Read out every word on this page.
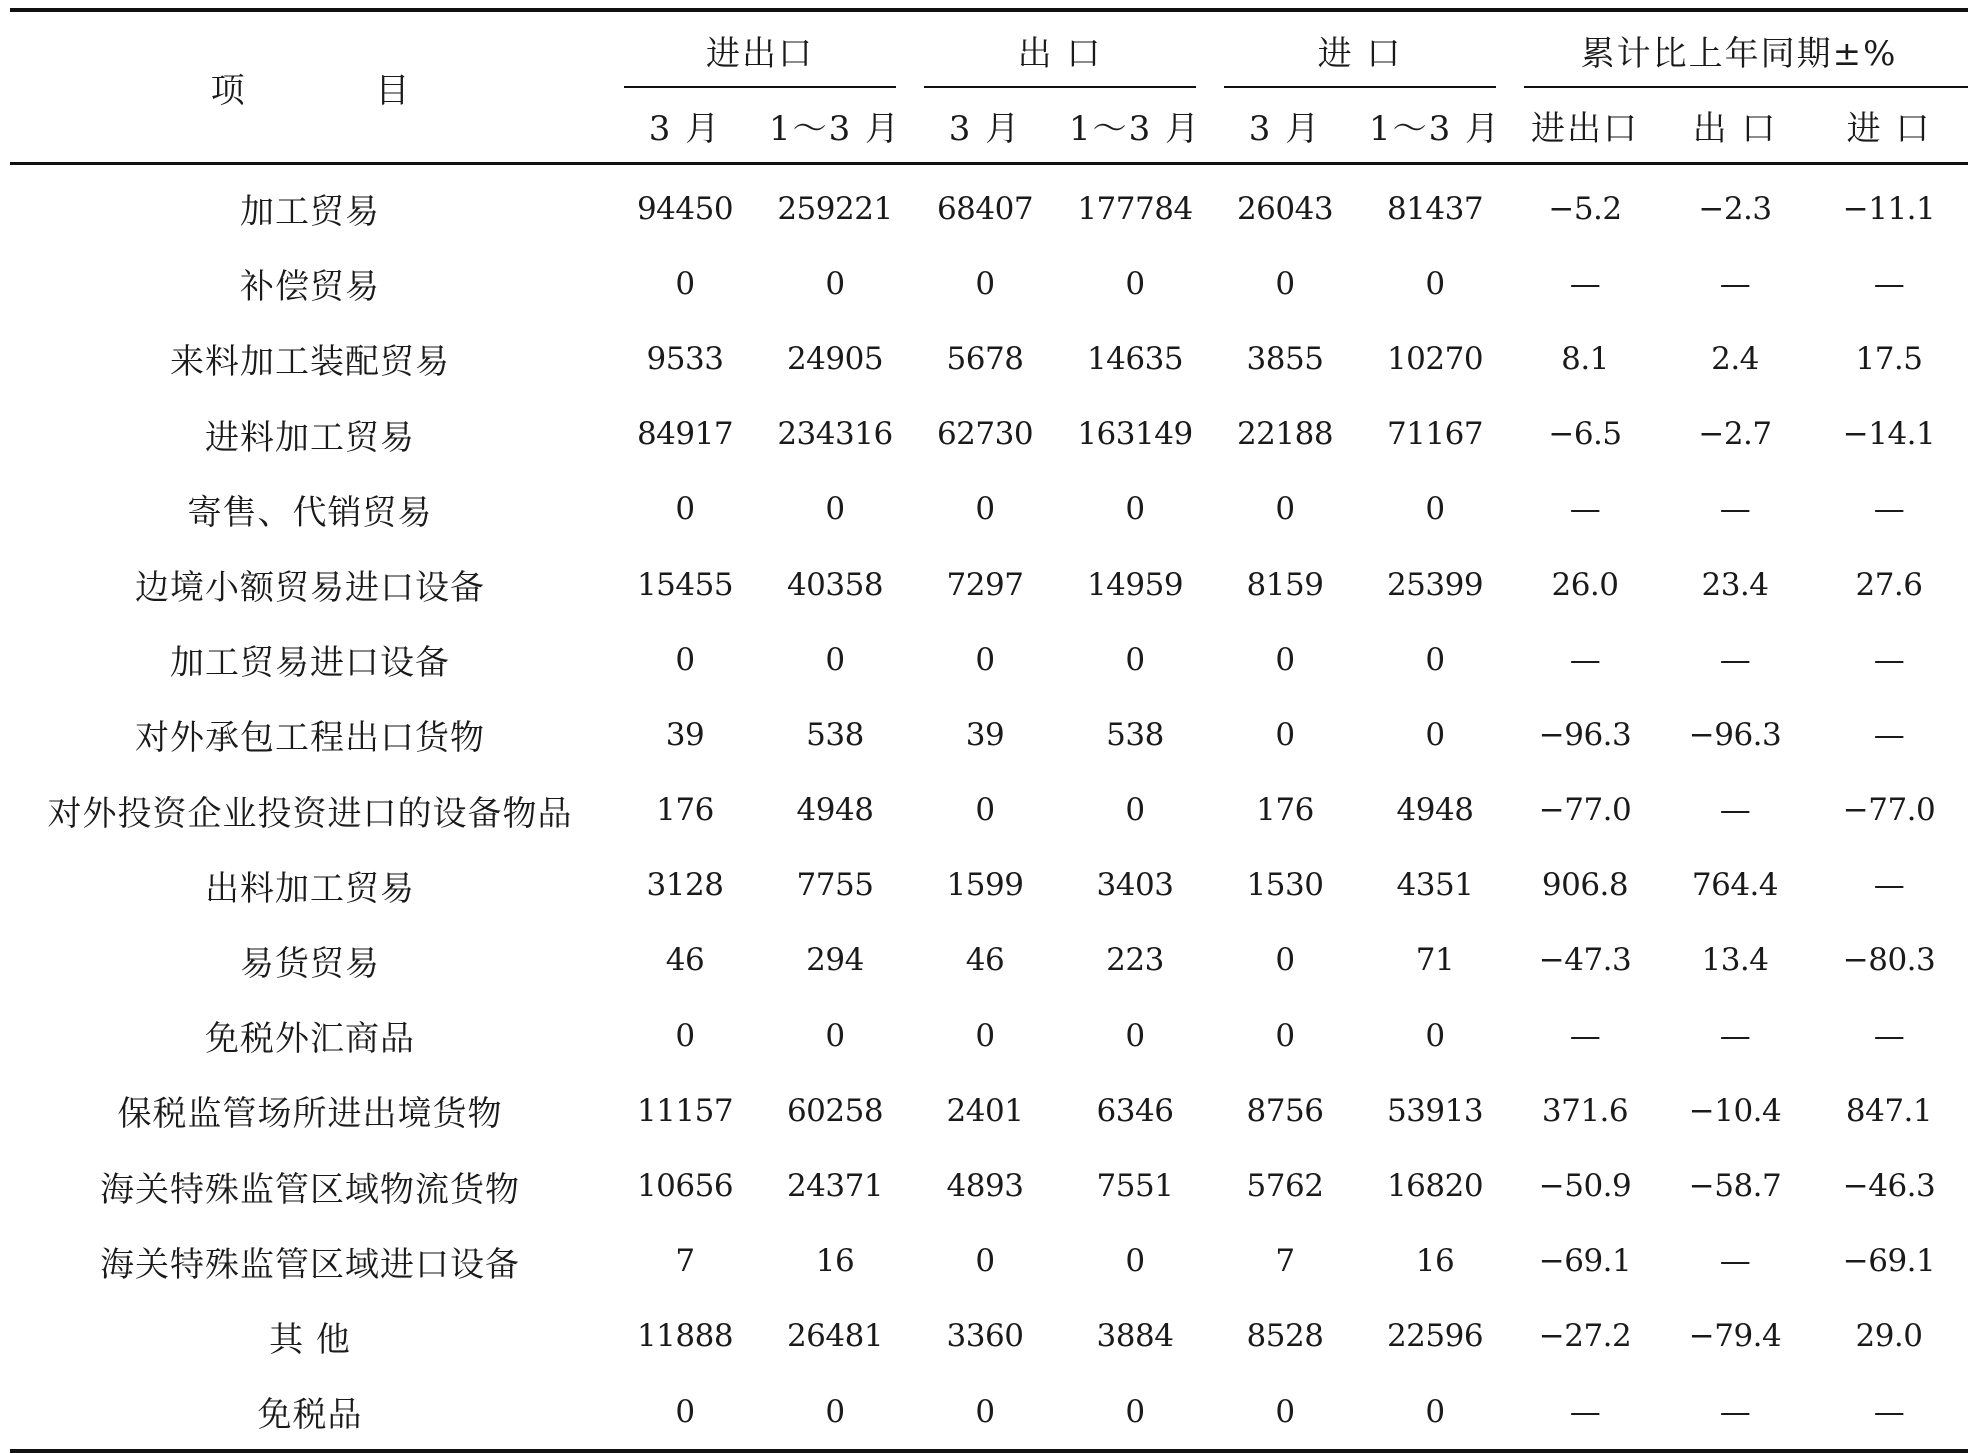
项 目	进出口		出 口		进 口		累计比上年同期±%		
	3 月	1～3 月	3 月	1～3 月	3 月	1～3 月	进出口	出 口	进 口
加工贸易	94450	259221	68407	177784	26043	81437	−5.2	−2.3	−11.1
补偿贸易	0	0	0	0	0	0	—	—	—
来料加工装配贸易	9533	24905	5678	14635	3855	10270	8.1	2.4	17.5
进料加工贸易	84917	234316	62730	163149	22188	71167	−6.5	−2.7	−14.1
寄售、代销贸易	0	0	0	0	0	0	—	—	—
边境小额贸易进口设备	15455	40358	7297	14959	8159	25399	26.0	23.4	27.6
加工贸易进口设备	0	0	0	0	0	0	—	—	—
对外承包工程出口货物	39	538	39	538	0	0	−96.3	−96.3	—
对外投资企业投资进口的设备物品	176	4948	0	0	176	4948	−77.0	—	−77.0
出料加工贸易	3128	7755	1599	3403	1530	4351	906.8	764.4	—
易货贸易	46	294	46	223	0	71	−47.3	13.4	−80.3
免税外汇商品	0	0	0	0	0	0	—	—	—
保税监管场所进出境货物	11157	60258	2401	6346	8756	53913	371.6	−10.4	847.1
海关特殊监管区域物流货物	10656	24371	4893	7551	5762	16820	−50.9	−58.7	−46.3
海关特殊监管区域进口设备	7	16	0	0	7	16	−69.1	—	−69.1
其 他	11888	26481	3360	3884	8528	22596	−27.2	−79.4	29.0
免税品	0	0	0	0	0	0	—	—	—
